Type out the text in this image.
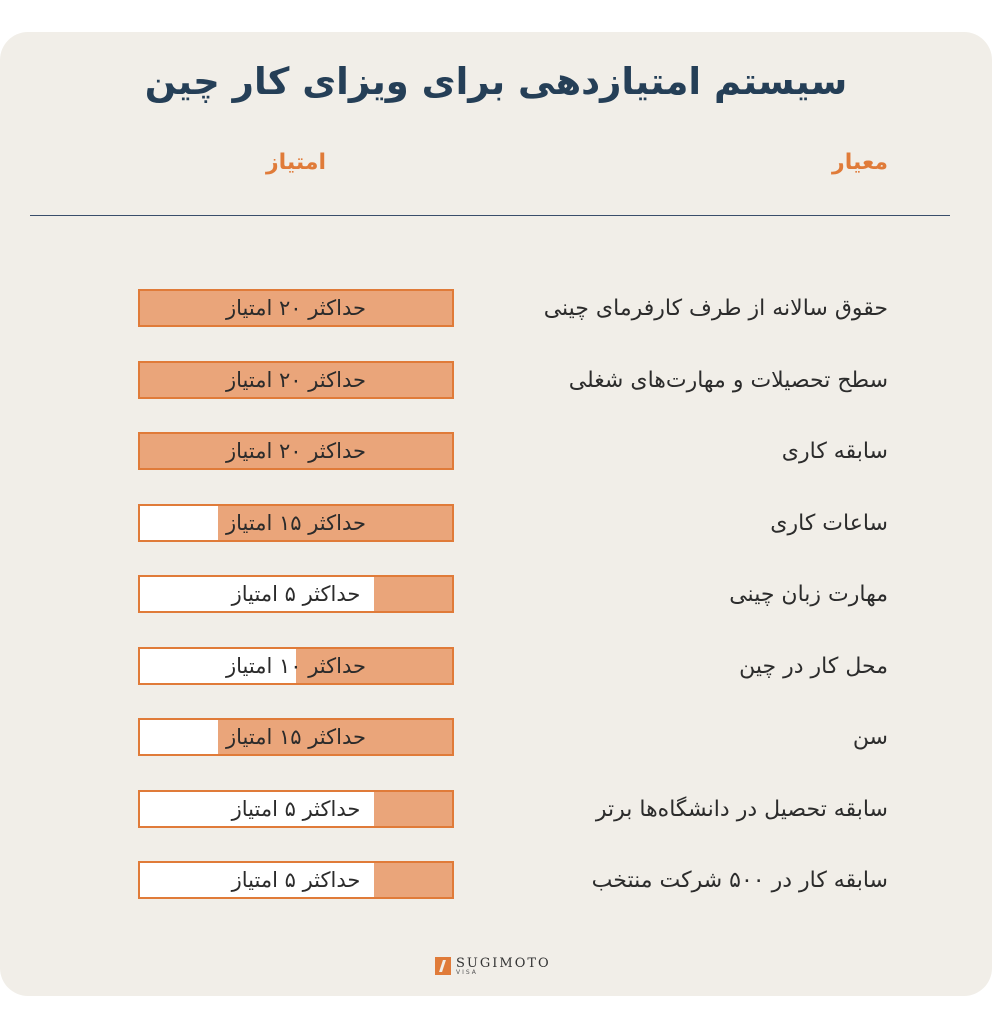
سیستم امتیازدهی برای ویزای کار چین
معیار
امتیاز
حقوق سالانه از طرف کارفرمای چینی
حداکثر ۲۰ امتیاز
سطح تحصیلات و مهارت‌های شغلی
حداکثر ۲۰ امتیاز
سابقه کاری
حداکثر ۲۰ امتیاز
ساعات کاری
حداکثر ۱۵ امتیاز
مهارت زبان چینی
حداکثر ۵ امتیاز
محل کار در چین
حداکثر ۱۰ امتیاز
سن
حداکثر ۱۵ امتیاز
سابقه تحصیل در دانشگاه‌ها برتر
حداکثر ۵ امتیاز
سابقه کار در ۵۰۰ شرکت منتخب
حداکثر ۵ امتیاز
SUGIMOTO
VISA
